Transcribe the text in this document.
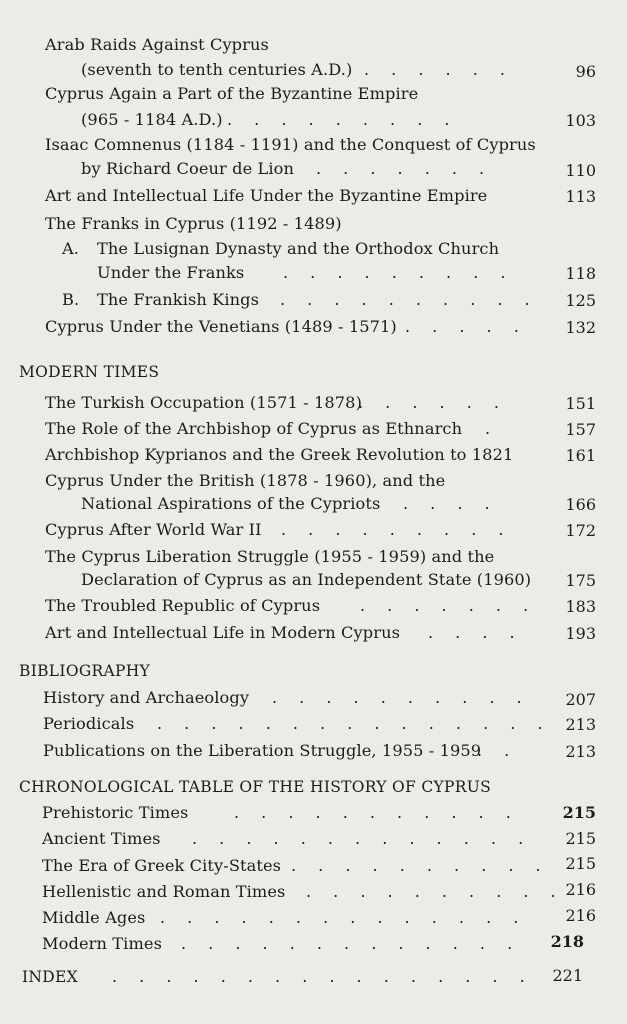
Arab Raids Against Cyprus
(seventh to tenth centuries A.D.) . . . . . .	96
Cyprus Again a Part of the Byzantine Empire
(965 - 1184 A.D.) . . . . . . . . .	103
Isaac Comnenus (1184 - 1191) and the Conquest of Cyprus
by Richard Coeur de Lion . . . . . . .	110
Art and Intellectual Life Under the Byzantine Empire	113
The Franks in Cyprus (1192 - 1489)
A. The Lusignan Dynasty and the Orthodox Church
Under the Franks . . . . . . . . .	118
B. The Frankish Kings . . . . . . . . . .	125
Cyprus Under the Venetians (1489 - 1571) . . . . .	132
MODERN TIMES
The Turkish Occupation (1571 - 1878)
. . . . . .	151
The Role of the Archbishop of Cyprus as Ethnarch .	157
Archbishop Kyprianos and the Greek Revolution to 1821	161
Cyprus Under the British (1878 - 1960), and the
National Aspirations of the Cypriots . . . .	166
Cyprus After World War II . . . . . . . . .	172
The Cyprus Liberation Struggle (1955 - 1959) and the
Declaration of Cyprus as an Independent State (1960)	175
The Troubled Republic of Cyprus . . . . . . .	183
Art and Intellectual Life in Modern Cyprus . . . .	193
BIBLIOGRAPHY
History and Archaeology . . . . . . . . . .	207
Periodicals . . . . . . . . . . . . . . .	213
Publications on the Liberation Struggle, 1955 - 1959
. .	213
CHRONOLOGICAL TABLE OF THE HISTORY OF CYPRUS
Prehistoric Times	. . . . . . . . . . .	215
Ancient Times . . . . . . . . . . . . .	215
The Era of Greek City-States . . . . . . . . . .	215
Hellenistic and Roman Times . . . . . . . . . . 216
Middle Ages . . . . . . . . . . . . . .	216
Modern Times . . . . . . . . . . . . .	218
INDEX . . . . . . . . . . . . . . . .	221
